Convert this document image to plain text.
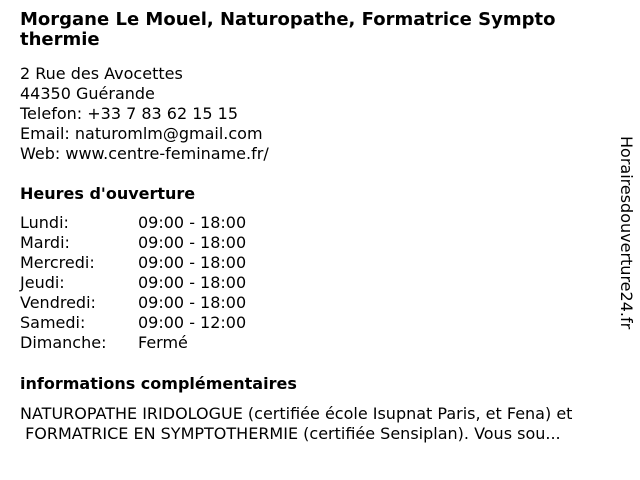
Morgane Le Mouel, Naturopathe, Formatrice Sympto
thermie
2 Rue des Avocettes
44350 Guérande
Telefon: +33 7 83 62 15 15
Email: naturomlm@gmail.com
Web: www.centre-feminame.fr/
Heures d'ouverture
Lundi:	09:00 - 18:00
Mardi:	09:00 - 18:00
Mercredi:	09:00 - 18:00
Jeudi:	09:00 - 18:00
Vendredi:	09:00 - 18:00
Samedi:	09:00 - 12:00
Dimanche:	Fermé
informations complémentaires
NATUROPATHE IRIDOLOGUE (certifiée école Isupnat Paris, et Fena) et
FORMATRICE EN SYMPTOTHERMIE (certifiée Sensiplan). Vous sou...
Horairesdouverture24.fr
